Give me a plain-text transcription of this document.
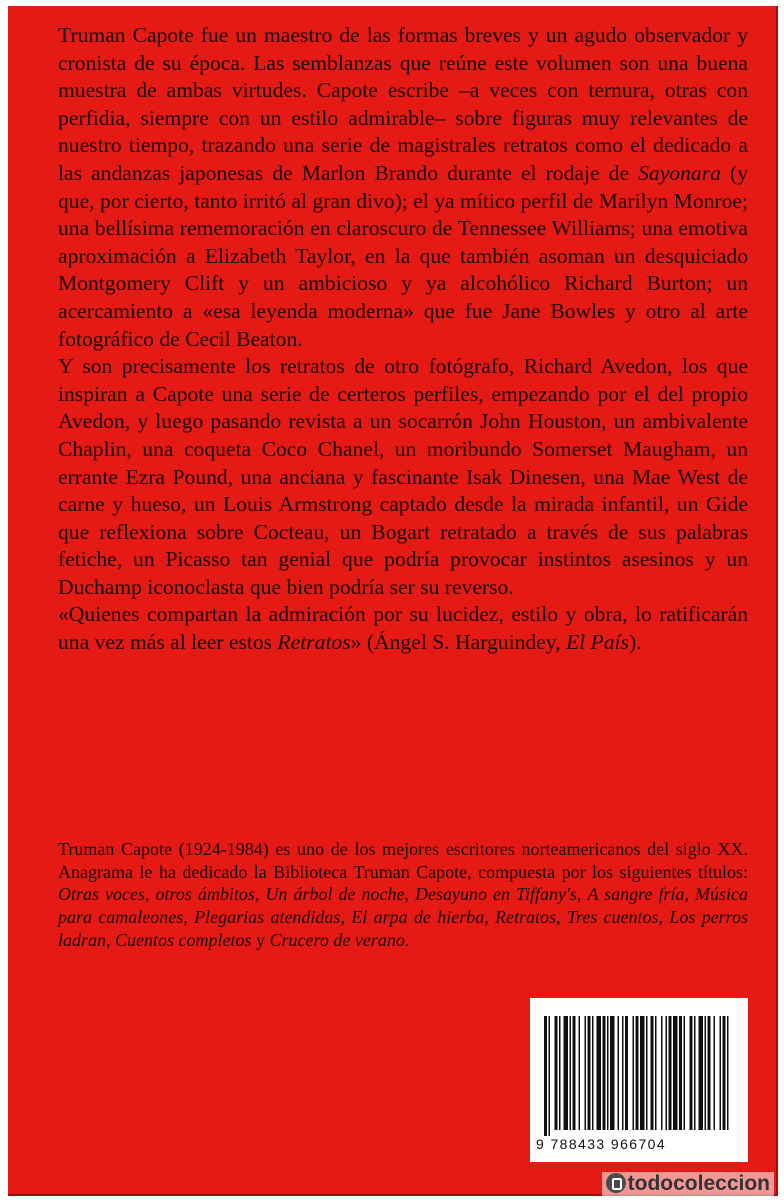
Truman Capote fue un maestro de las formas breves y un agudo observador y cronista de su época. Las semblanzas que reúne este volumen son una buena muestra de ambas virtudes. Capote escribe –a veces con ternura, otras con perfidia, siempre con un estilo admirable– sobre figuras muy relevantes de nuestro tiempo, trazando una serie de magistrales retratos como el dedicado a las andanzas japonesas de Marlon Brando durante el rodaje de Sayonara (y que, por cierto, tanto irritó al gran divo); el ya mítico perfil de Marilyn Monroe; una bellísima rememoración en claroscuro de Tennessee Williams; una emotiva aproximación a Elizabeth Taylor, en la que también asoman un desquiciado Montgomery Clift y un ambicioso y ya alcohólico Richard Burton; un acercamiento a «esa leyenda moderna» que fue Jane Bowles y otro al arte fotográfico de Cecil Beaton.

Y son precisamente los retratos de otro fotógrafo, Richard Avedon, los que inspiran a Capote una serie de certeros perfiles, empezando por el del propio Avedon, y luego pasando revista a un socarrón John Houston, un ambivalente Chaplin, una coqueta Coco Chanel, un moribundo Somerset Maugham, un errante Ezra Pound, una anciana y fascinante Isak Dinesen, una Mae West de carne y hueso, un Louis Armstrong captado desde la mirada infantil, un Gide que reflexiona sobre Cocteau, un Bogart retratado a través de sus palabras fetiche, un Picasso tan genial que podría provocar instintos asesinos y un Duchamp iconoclasta que bien podría ser su reverso.

«Quienes compartan la admiración por su lucidez, estilo y obra, lo ratificarán una vez más al leer estos Retratos» (Ángel S. Harguindey, El País).

Truman Capote (1924-1984) es uno de los mejores escritores norteamericanos del siglo XX. Anagrama le ha dedicado la Biblioteca Truman Capote, compuesta por los siguientes títulos: Otras voces, otros ámbitos, Un árbol de noche, Desayuno en Tiffany's, A sangre fría, Música para camaleones, Plegarias atendidas, El arpa de hierba, Retratos, Tres cuentos, Los perros ladran, Cuentos completos y Crucero de verano.

9 788433 966704
todocoleccion
